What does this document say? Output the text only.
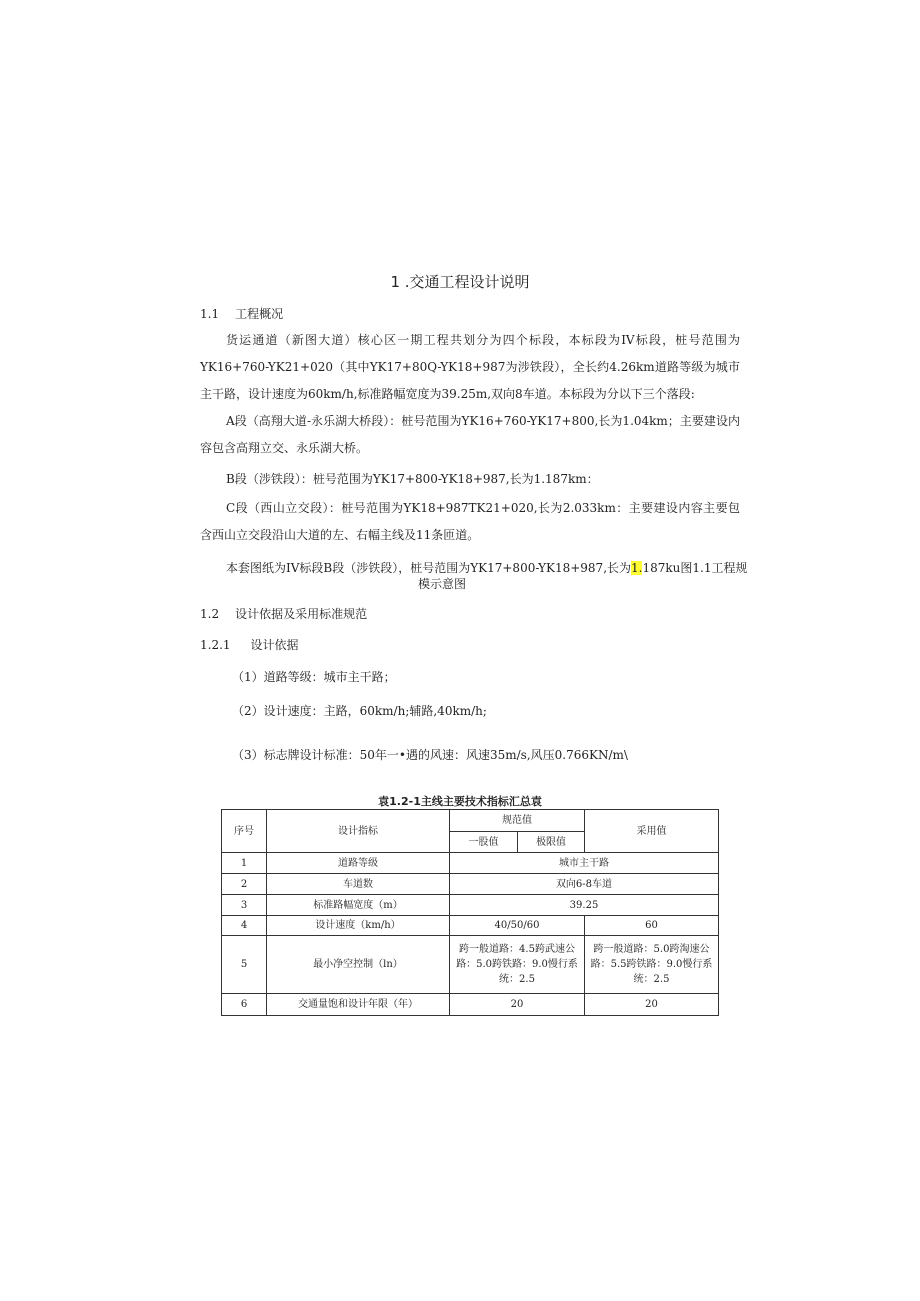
1 .交通工程设计说明
1.1 工程概况
货运通道（新图大道）核心区一期工程共划分为四个标段，本标段为IV标段，桩号范围为YK16+760-YK21+020（其中YK17+80Q-YK18+987为涉铁段），全长约4.26km道路等级为城市主干路，设计速度为60km/h,标准路幅宽度为39.25m,双向8车道。本标段为分以下三个落段:
A段（高翔大道-永乐湖大桥段）：桩号范围为YK16+760-YK17+800,长为1.04km；主要建设内容包含高翔立交、永乐湖大桥。
B段（涉铁段）：桩号范围为YK17+800-YK18+987,长为1.187km：
C段（西山立交段）：桩号范围为YK18+987TK21+020,长为2.033km：主要建设内容主要包含西山立交段沿山大道的左、右幅主线及11条匝道。
本套图纸为IV标段B段（涉铁段），桩号范围为YK17+800-YK18+987,长为1.187ku图1.1工程规
模示意图
1.2 设计依据及采用标准规范
1.2.1 设计依据
（1）道路等级：城市主干路；
（2）设计速度：主路，60km/h;辅路,40km/h;
（3）标志牌设计标准：50年一•遇的风速：风速35m/s,风压0.766KN/m\
袁1.2-1主线主要技术指标汇总袁
序号	设计指标	规范值		采用值
		一股值	极限值	
1	道路等级	城市主干路		
2	车道数	双向6-8车道		
3	标准路幅宽度（m）	39.25		
4	设计速度（km/h）	40/50/60		60
5	最小净空控制（ln）	跨一般道路：4.5跨武速公路：5.0跨铁路：9.0慢行系统：2.5		跨一般道路：5.0跨淘速公路：5.5跨铁路：9.0慢行系统：2.5
6	交通量饱和设计年限（年）	20		20
